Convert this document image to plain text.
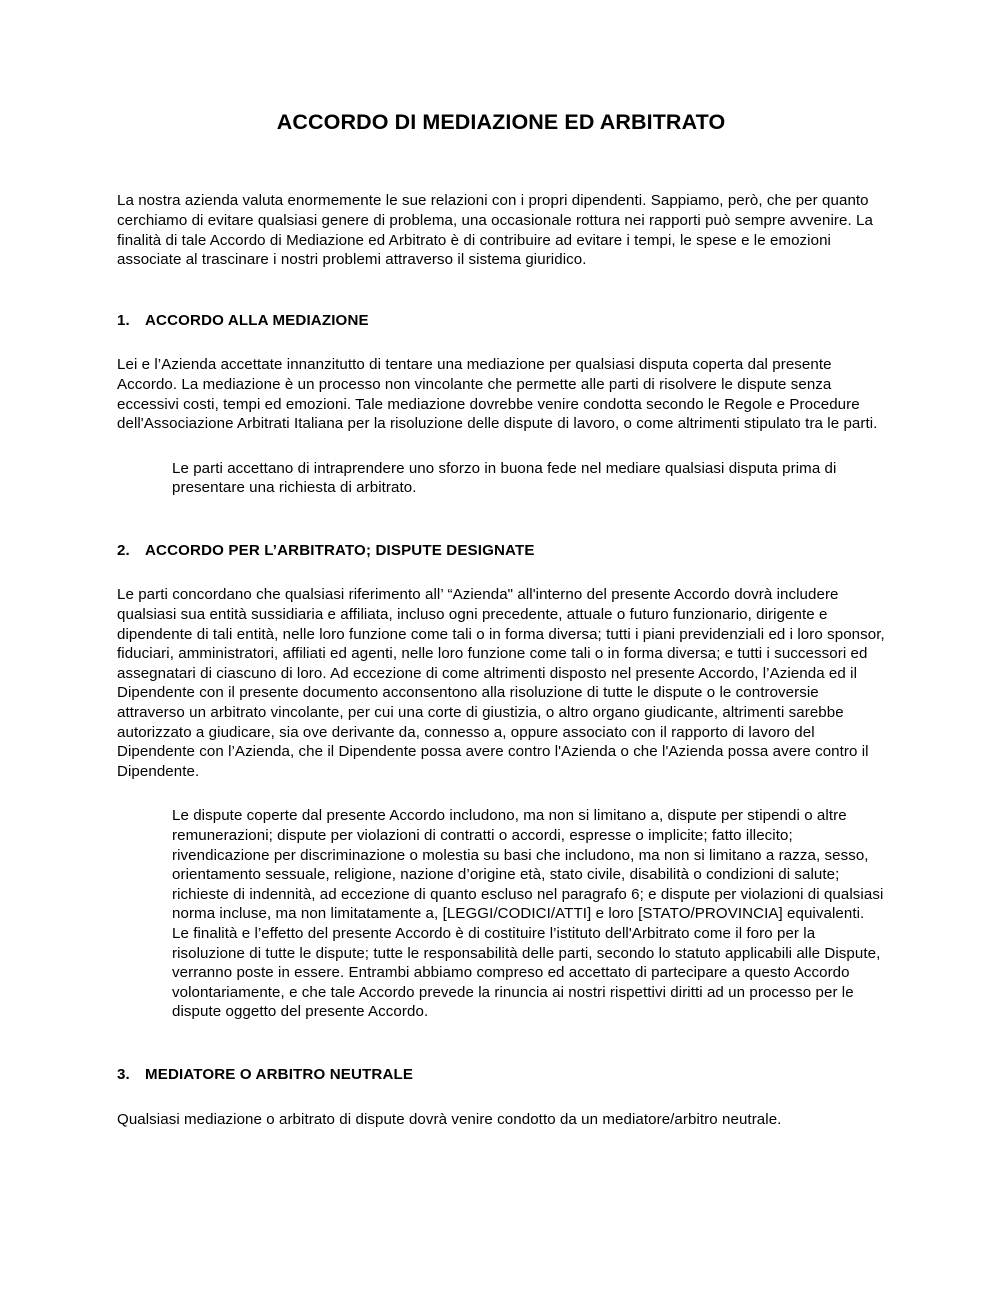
ACCORDO DI MEDIAZIONE ED ARBITRATO

La nostra azienda valuta enormemente le sue relazioni con i propri dipendenti. Sappiamo, però, che per quanto cerchiamo di evitare qualsiasi genere di problema, una occasionale rottura nei rapporti può sempre avvenire. La finalità di tale Accordo di Mediazione ed Arbitrato è di contribuire ad evitare i tempi, le spese e le emozioni associate al trascinare i nostri problemi attraverso il sistema giuridico.

1.	ACCORDO ALLA MEDIAZIONE

Lei e l’Azienda accettate innanzitutto di tentare una mediazione per qualsiasi disputa coperta dal presente Accordo. La mediazione è un processo non vincolante che permette alle parti di risolvere le dispute senza eccessivi costi, tempi ed emozioni. Tale mediazione dovrebbe venire condotta secondo le Regole e Procedure dell'Associazione Arbitrati Italiana per la risoluzione delle dispute di lavoro, o come altrimenti stipulato tra le parti.

Le parti accettano di intraprendere uno sforzo in buona fede nel mediare qualsiasi disputa prima di presentare una richiesta di arbitrato.

2.	ACCORDO PER L’ARBITRATO; DISPUTE DESIGNATE

Le parti concordano che qualsiasi riferimento all’ “Azienda" all'interno del presente Accordo dovrà includere qualsiasi sua entità sussidiaria e affiliata, incluso ogni precedente, attuale o futuro funzionario, dirigente e dipendente di tali entità, nelle loro funzione come tali o in forma diversa; tutti i piani previdenziali ed i loro sponsor, fiduciari, amministratori, affiliati ed agenti, nelle loro funzione come tali o in forma diversa; e tutti i successori ed assegnatari di ciascuno di loro. Ad eccezione di come altrimenti disposto nel presente Accordo, l’Azienda ed il Dipendente con il presente documento acconsentono alla risoluzione di tutte le dispute o le controversie attraverso un arbitrato vincolante, per cui una corte di giustizia, o altro organo giudicante, altrimenti sarebbe autorizzato a giudicare, sia ove derivante da, connesso a, oppure associato con il rapporto di lavoro del Dipendente con l’Azienda, che il Dipendente possa avere contro l'Azienda o che l'Azienda possa avere contro il Dipendente.

Le dispute coperte dal presente Accordo includono, ma non si limitano a, dispute per stipendi o altre remunerazioni; dispute per violazioni di contratti o accordi, espresse o implicite; fatto illecito; rivendicazione per discriminazione o molestia su basi che includono, ma non si limitano a razza, sesso, orientamento sessuale, religione, nazione d’origine età, stato civile, disabilità o condizioni di salute; richieste di indennità, ad eccezione di quanto escluso nel paragrafo 6; e dispute per violazioni di qualsiasi norma incluse, ma non limitatamente a, [LEGGI/CODICI/ATTI] e loro [STATO/PROVINCIA] equivalenti. Le finalità e l’effetto del presente Accordo è di costituire l’istituto dell'Arbitrato come il foro per la risoluzione di tutte le dispute; tutte le responsabilità delle parti, secondo lo statuto applicabili alle Dispute, verranno poste in essere. Entrambi abbiamo compreso ed accettato di partecipare a questo Accordo volontariamente, e che tale Accordo prevede la rinuncia ai nostri rispettivi diritti ad un processo per le dispute oggetto del presente Accordo.

3.	MEDIATORE O ARBITRO NEUTRALE

Qualsiasi mediazione o arbitrato di dispute dovrà venire condotto da un mediatore/arbitro neutrale.
